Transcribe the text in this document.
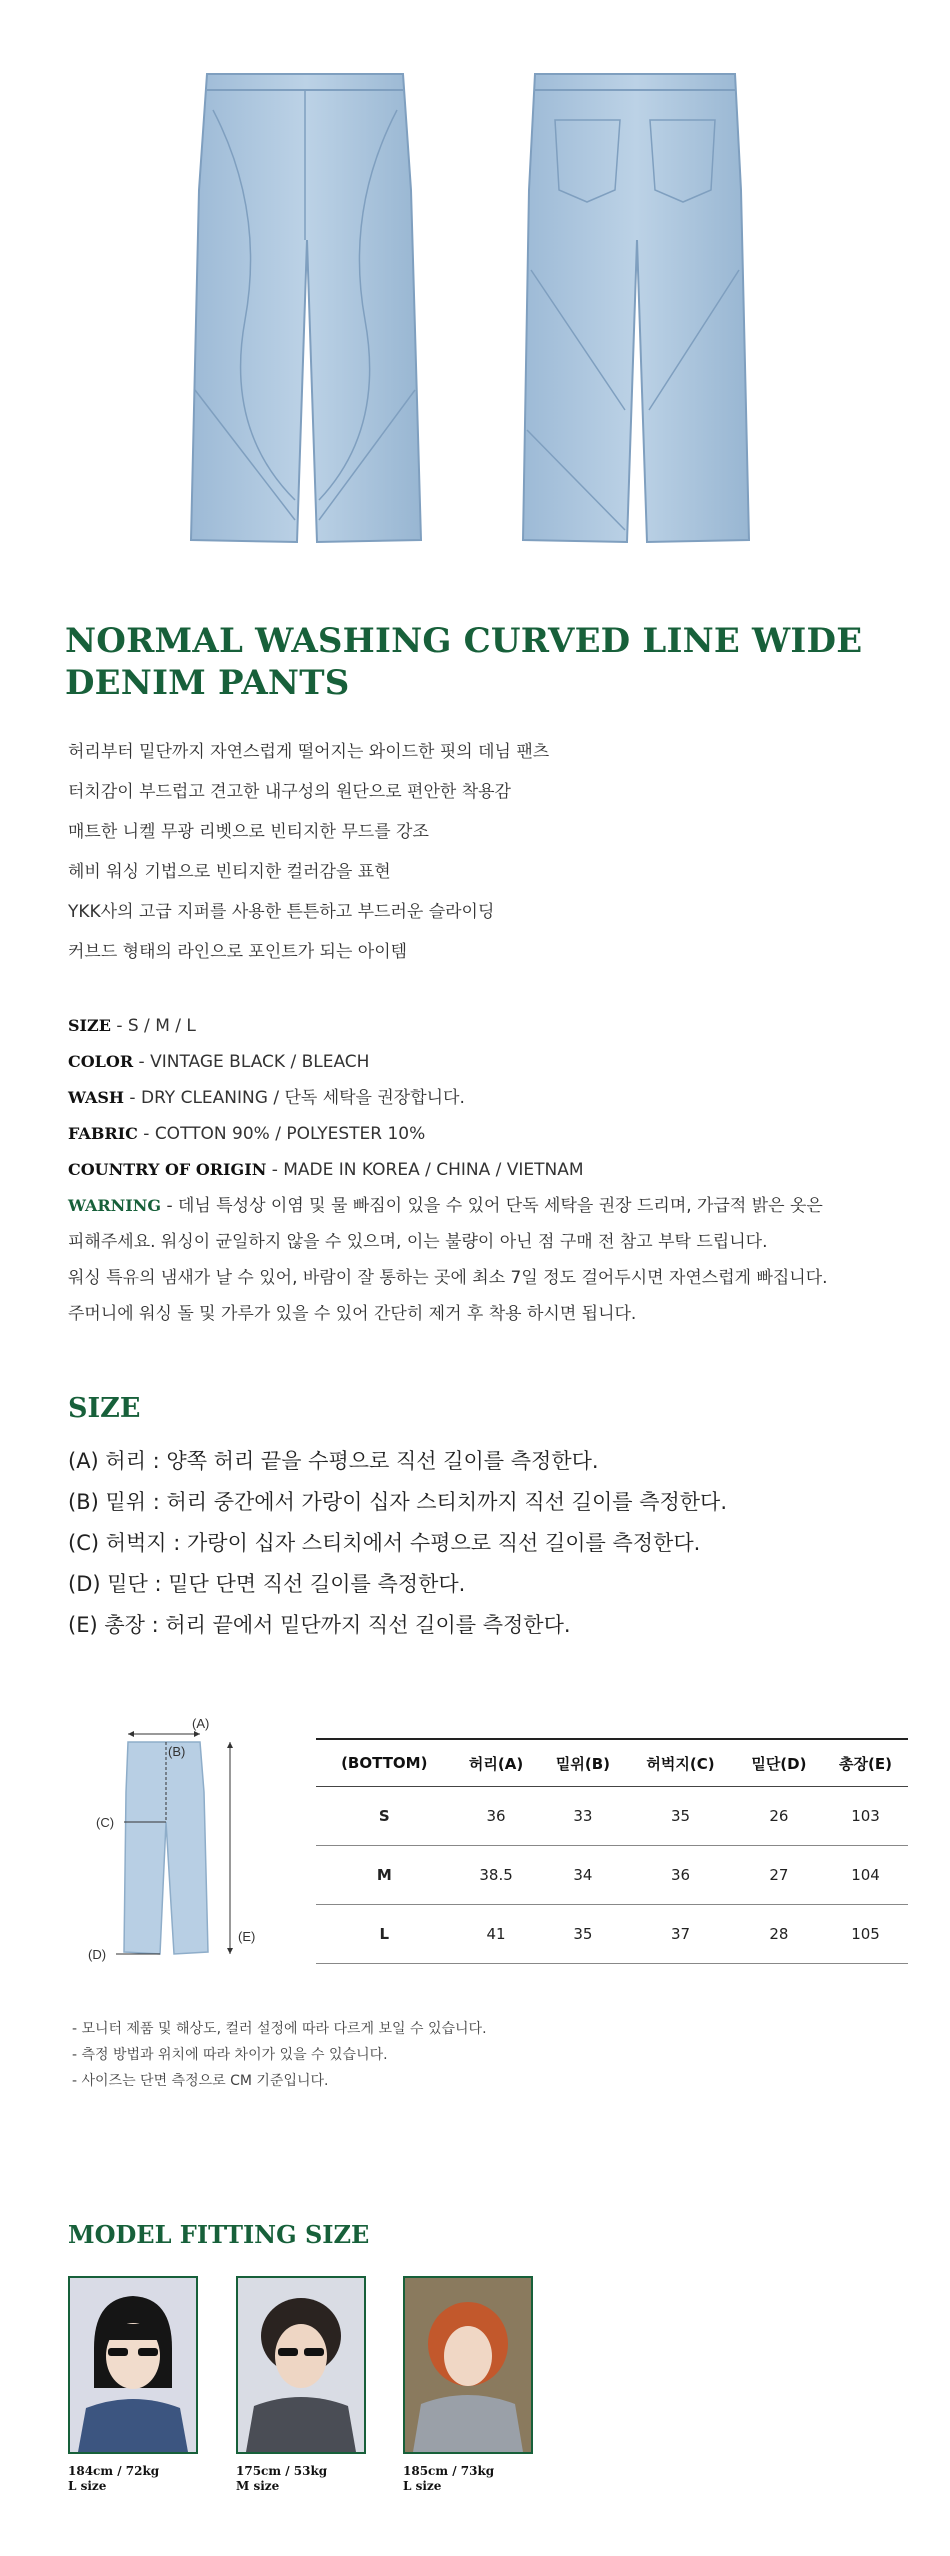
NORMAL WASHING CURVED LINE WIDE
DENIM PANTS
허리부터 밑단까지 자연스럽게 떨어지는 와이드한 핏의 데님 팬츠
터치감이 부드럽고 견고한 내구성의 원단으로 편안한 착용감
매트한 니켈 무광 리벳으로 빈티지한 무드를 강조
헤비 워싱 기법으로 빈티지한 컬러감을 표현
YKK사의 고급 지퍼를 사용한 튼튼하고 부드러운 슬라이딩
커브드 형태의 라인으로 포인트가 되는 아이템
SIZE - S / M / L
COLOR - VINTAGE BLACK / BLEACH
WASH - DRY CLEANING / 단독 세탁을 권장합니다.
FABRIC - COTTON 90% / POLYESTER 10%
COUNTRY OF ORIGIN - MADE IN KOREA / CHINA / VIETNAM
WARNING - 데님 특성상 이염 및 물 빠짐이 있을 수 있어 단독 세탁을 권장 드리며, 가급적 밝은 옷은
피해주세요. 워싱이 균일하지 않을 수 있으며, 이는 불량이 아닌 점 구매 전 참고 부탁 드립니다.
워싱 특유의 냄새가 날 수 있어, 바람이 잘 통하는 곳에 최소 7일 정도 걸어두시면 자연스럽게 빠집니다.
주머니에 워싱 돌 및 가루가 있을 수 있어 간단히 제거 후 착용 하시면 됩니다.
SIZE
(A) 허리 : 양쪽 허리 끝을 수평으로 직선 길이를 측정한다.
(B) 밑위 : 허리 중간에서 가랑이 십자 스티치까지 직선 길이를 측정한다.
(C) 허벅지 : 가랑이 십자 스티치에서 수평으로 직선 길이를 측정한다.
(D) 밑단 : 밑단 단면 직선 길이를 측정한다.
(E) 총장 : 허리 끝에서 밑단까지 직선 길이를 측정한다.
(A)
(B)
(C)
(D)
(E)
(BOTTOM)	허리(A)	밑위(B)	허벅지(C)	밑단(D)	총장(E)
S	36	33	35	26	103
M	38.5	34	36	27	104
L	41	35	37	28	105
- 모니터 제품 및 해상도, 컬러 설정에 따라 다르게 보일 수 있습니다.
- 측정 방법과 위치에 따라 차이가 있을 수 있습니다.
- 사이즈는 단면 측정으로 CM 기준입니다.
MODEL FITTING SIZE
184cm / 72kg
L size
175cm / 53kg
M size
185cm / 73kg
L size
